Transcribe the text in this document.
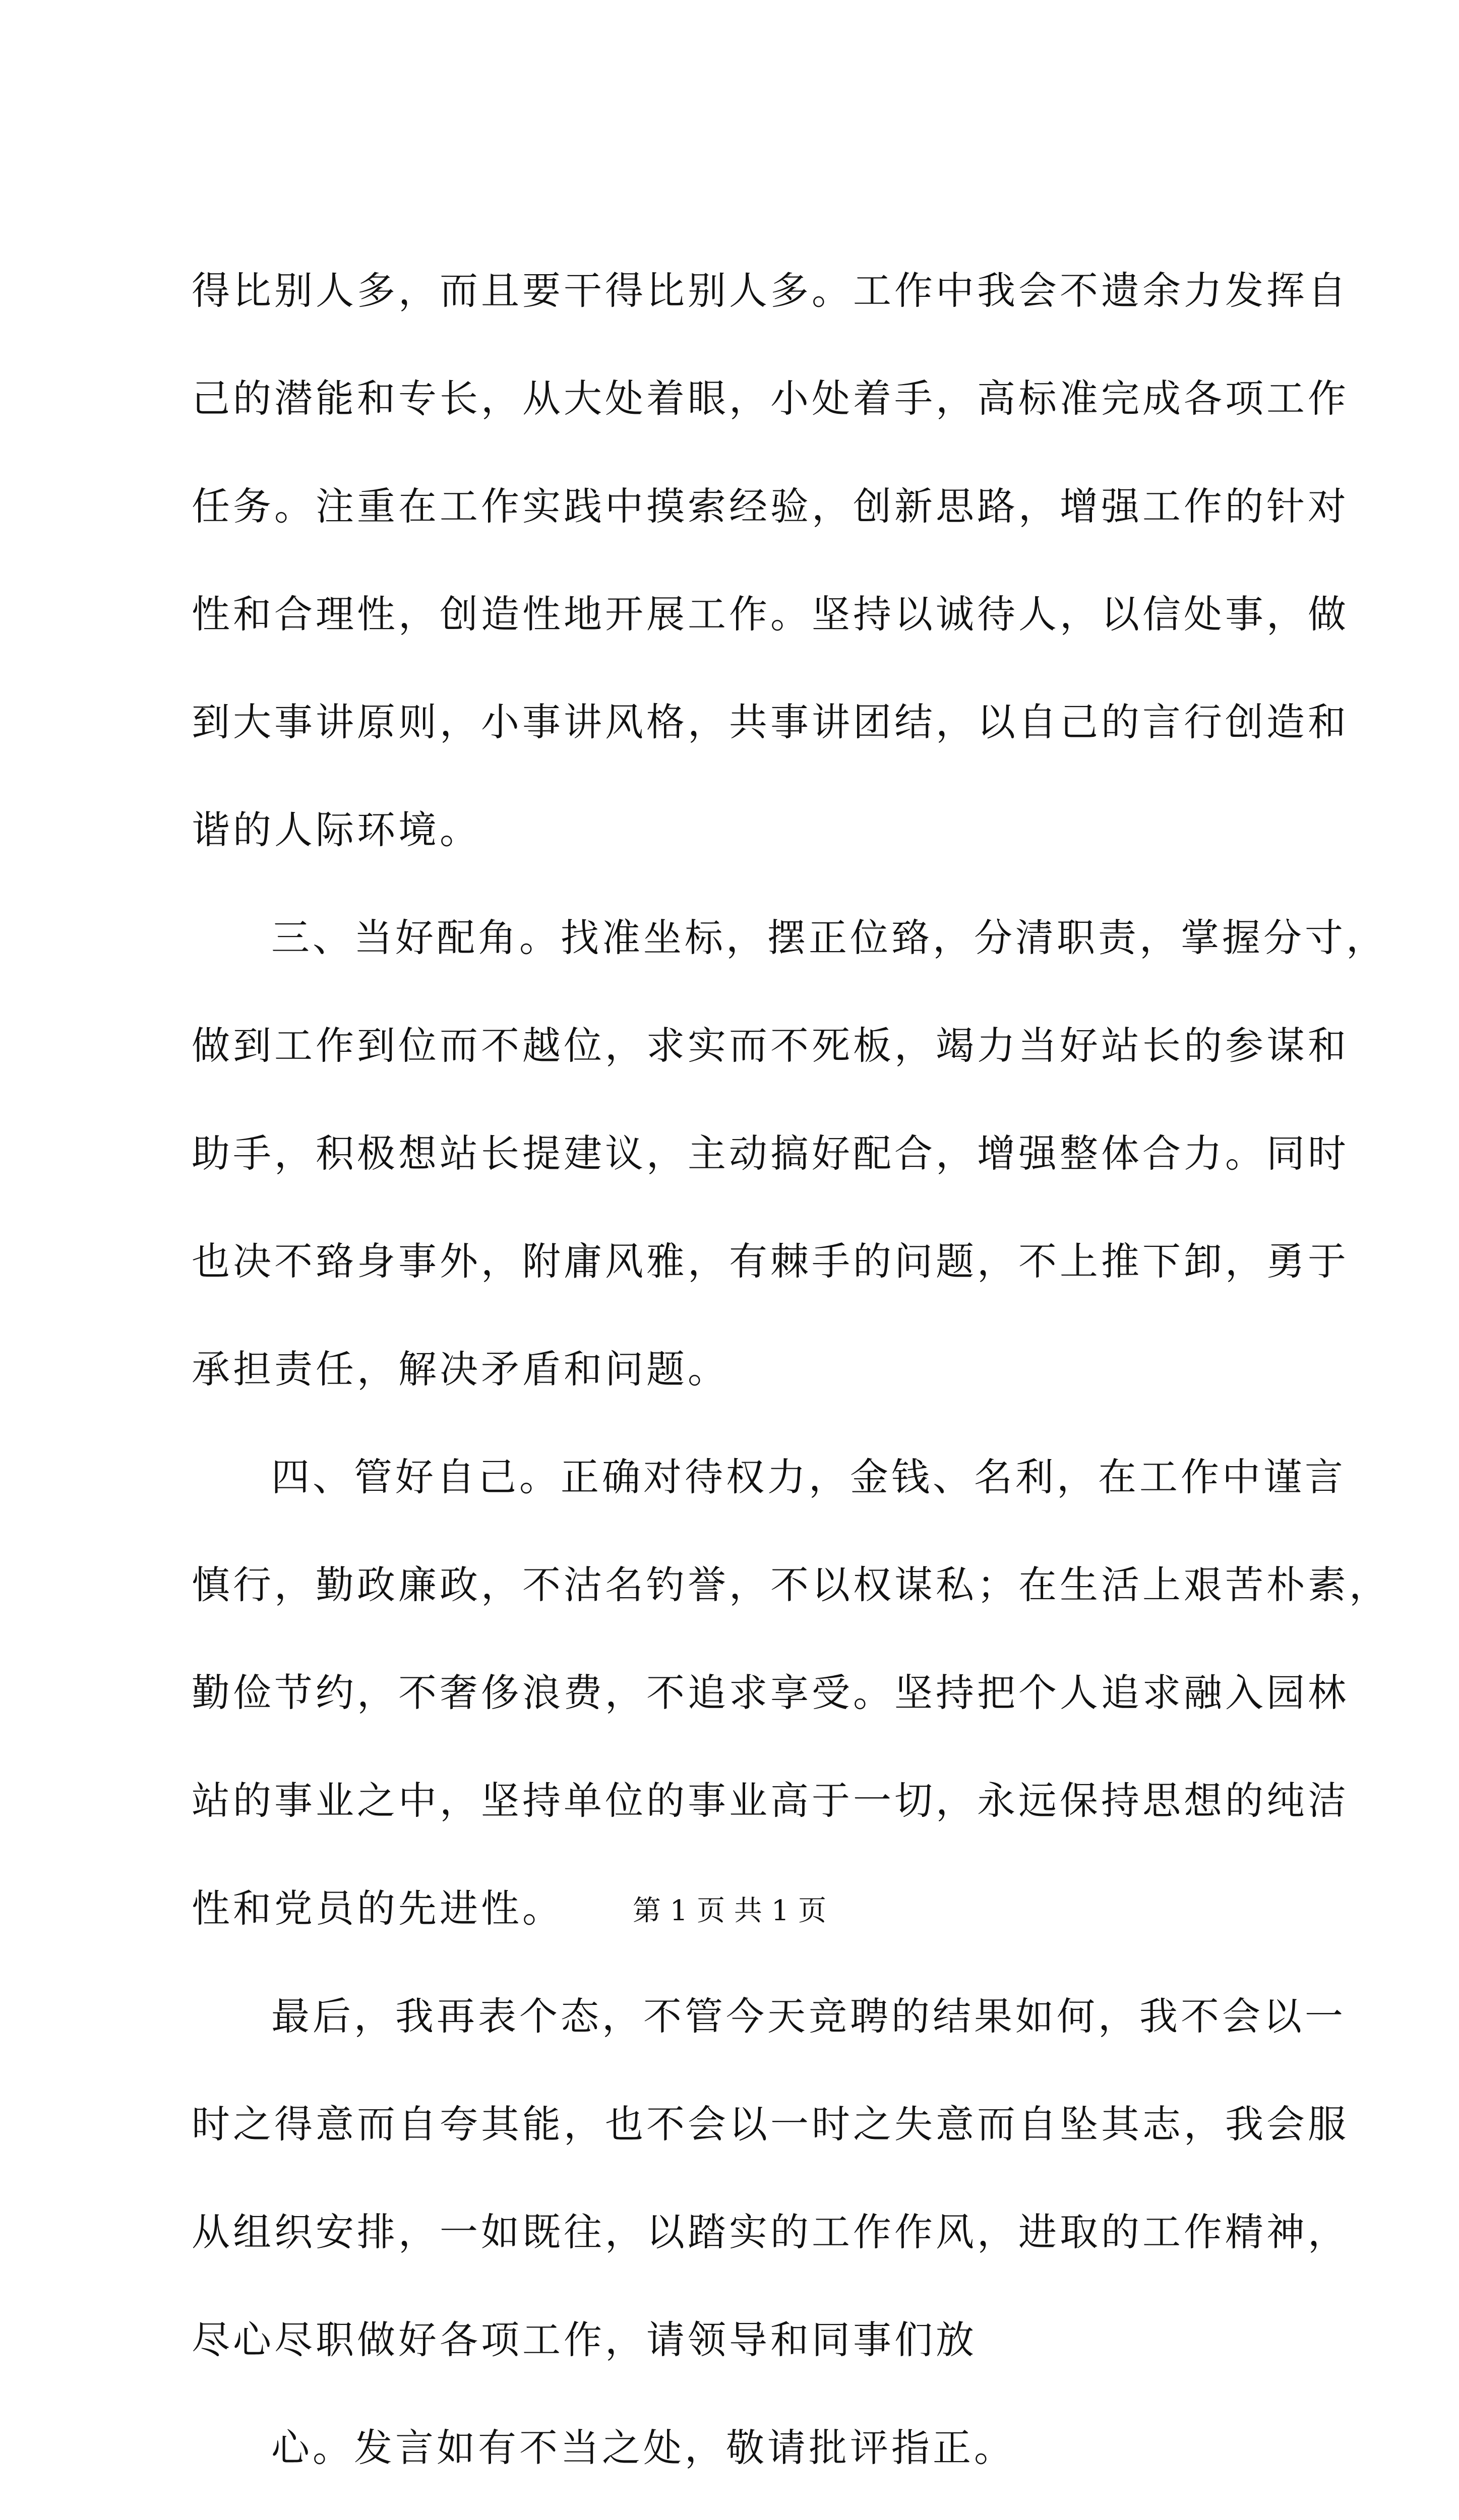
得比别人多，而且要干得比别人多。工作中我会不遗余力发挥自
己的潜能和专长，从大处着眼，小处着手，高标准完成各项工作
任务。注重在工作实践中摸索经验，创新思路，增强工作的针对
性和合理性，创造性地开展工作。坚持以诚待人，以信处事，做
到大事讲原则，小事讲风格，共事讲团结，以自己的言行创造和
谐的人际环境。
三、当好配角。找准坐标，摆正位臵，分清职责，掌握分寸，
做到工作到位而不越位，求实而不死板，竭力当好站长的参谋和
助手，积极想站长提建议，主动搞好配合，增强整体合力。同时
也决不臵身事外，附庸风雅，有棘手的问题，不上推下卸，勇于
承担责任，解决矛盾和问题。
四、管好自己。正确对待权力，金钱、名利，在工作中谨言
慎行，勤政廉政，不沽名钓誉，不以权谋私；在生活上艰苦朴素，
勤俭节约，不奢侈浪费，不追求享受。坚持把个人追求融入园林
站的事业之中，坚持单位的事业高于一切，永远保持思想的纯洁
性和党员的先进性。
最后，我再表个态，不管今天竞聘的结果如何，我不会以一
时之得意而自夸其能，也不会以一时之失意而自坠其志，我会服
从组织安排，一如既往，以踏实的工作作风，进取的工作精神，
尽心尽职做好各项工作，请领导和同事们放
心。发言如有不当之处，敬请批评指正。
第 1 页 共 1 页
